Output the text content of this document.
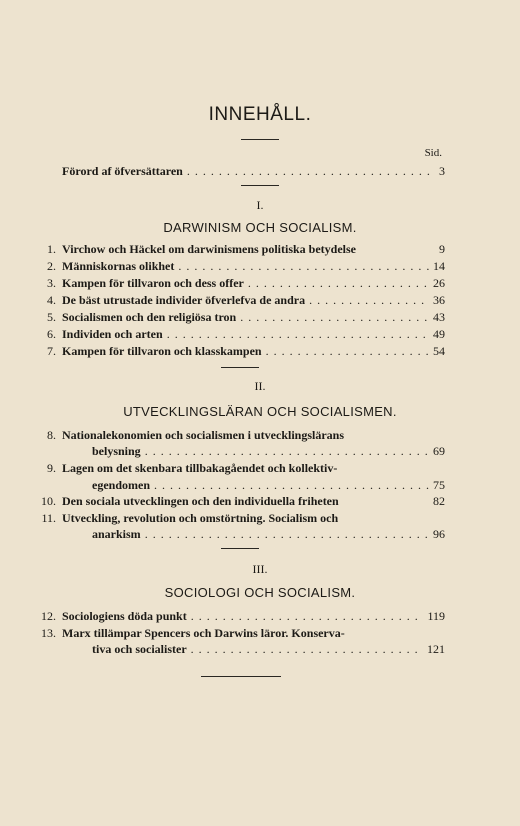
INNEHÅLL.
Sid.
Förord af öfversättaren . . .	3
I.
DARWINISM OCH SOCIALISM.
1. Virchow och Häckel om darwinismens politiska betydelse	9
2. Människornas olikhet . . .	14
3. Kampen för tillvaron och dess offer . . .	26
4. De bäst utrustade individer öfverlefva de andra . . .	36
5. Socialismen och den religiösa tron . . .	43
6. Individen och arten . . .	49
7. Kampen för tillvaron och klasskampen . . .	54
II.
UTVECKLINGSLÄRAN OCH SOCIALISMEN.
8. Nationalekonomien och socialismen i utvecklingslärans
belysning . . .	69
9. Lagen om det skenbara tillbakagåendet och kollektiv-
egendomen . . .	75
10. Den sociala utvecklingen och den individuella friheten	82
11. Utveckling, revolution och omstörtning. Socialism och
anarkism . . .	96
III.
SOCIOLOGI OCH SOCIALISM.
12. Sociologiens döda punkt . . .	119
13. Marx tillämpar Spencers och Darwins läror. Konserva-
tiva och socialister . . .	121
